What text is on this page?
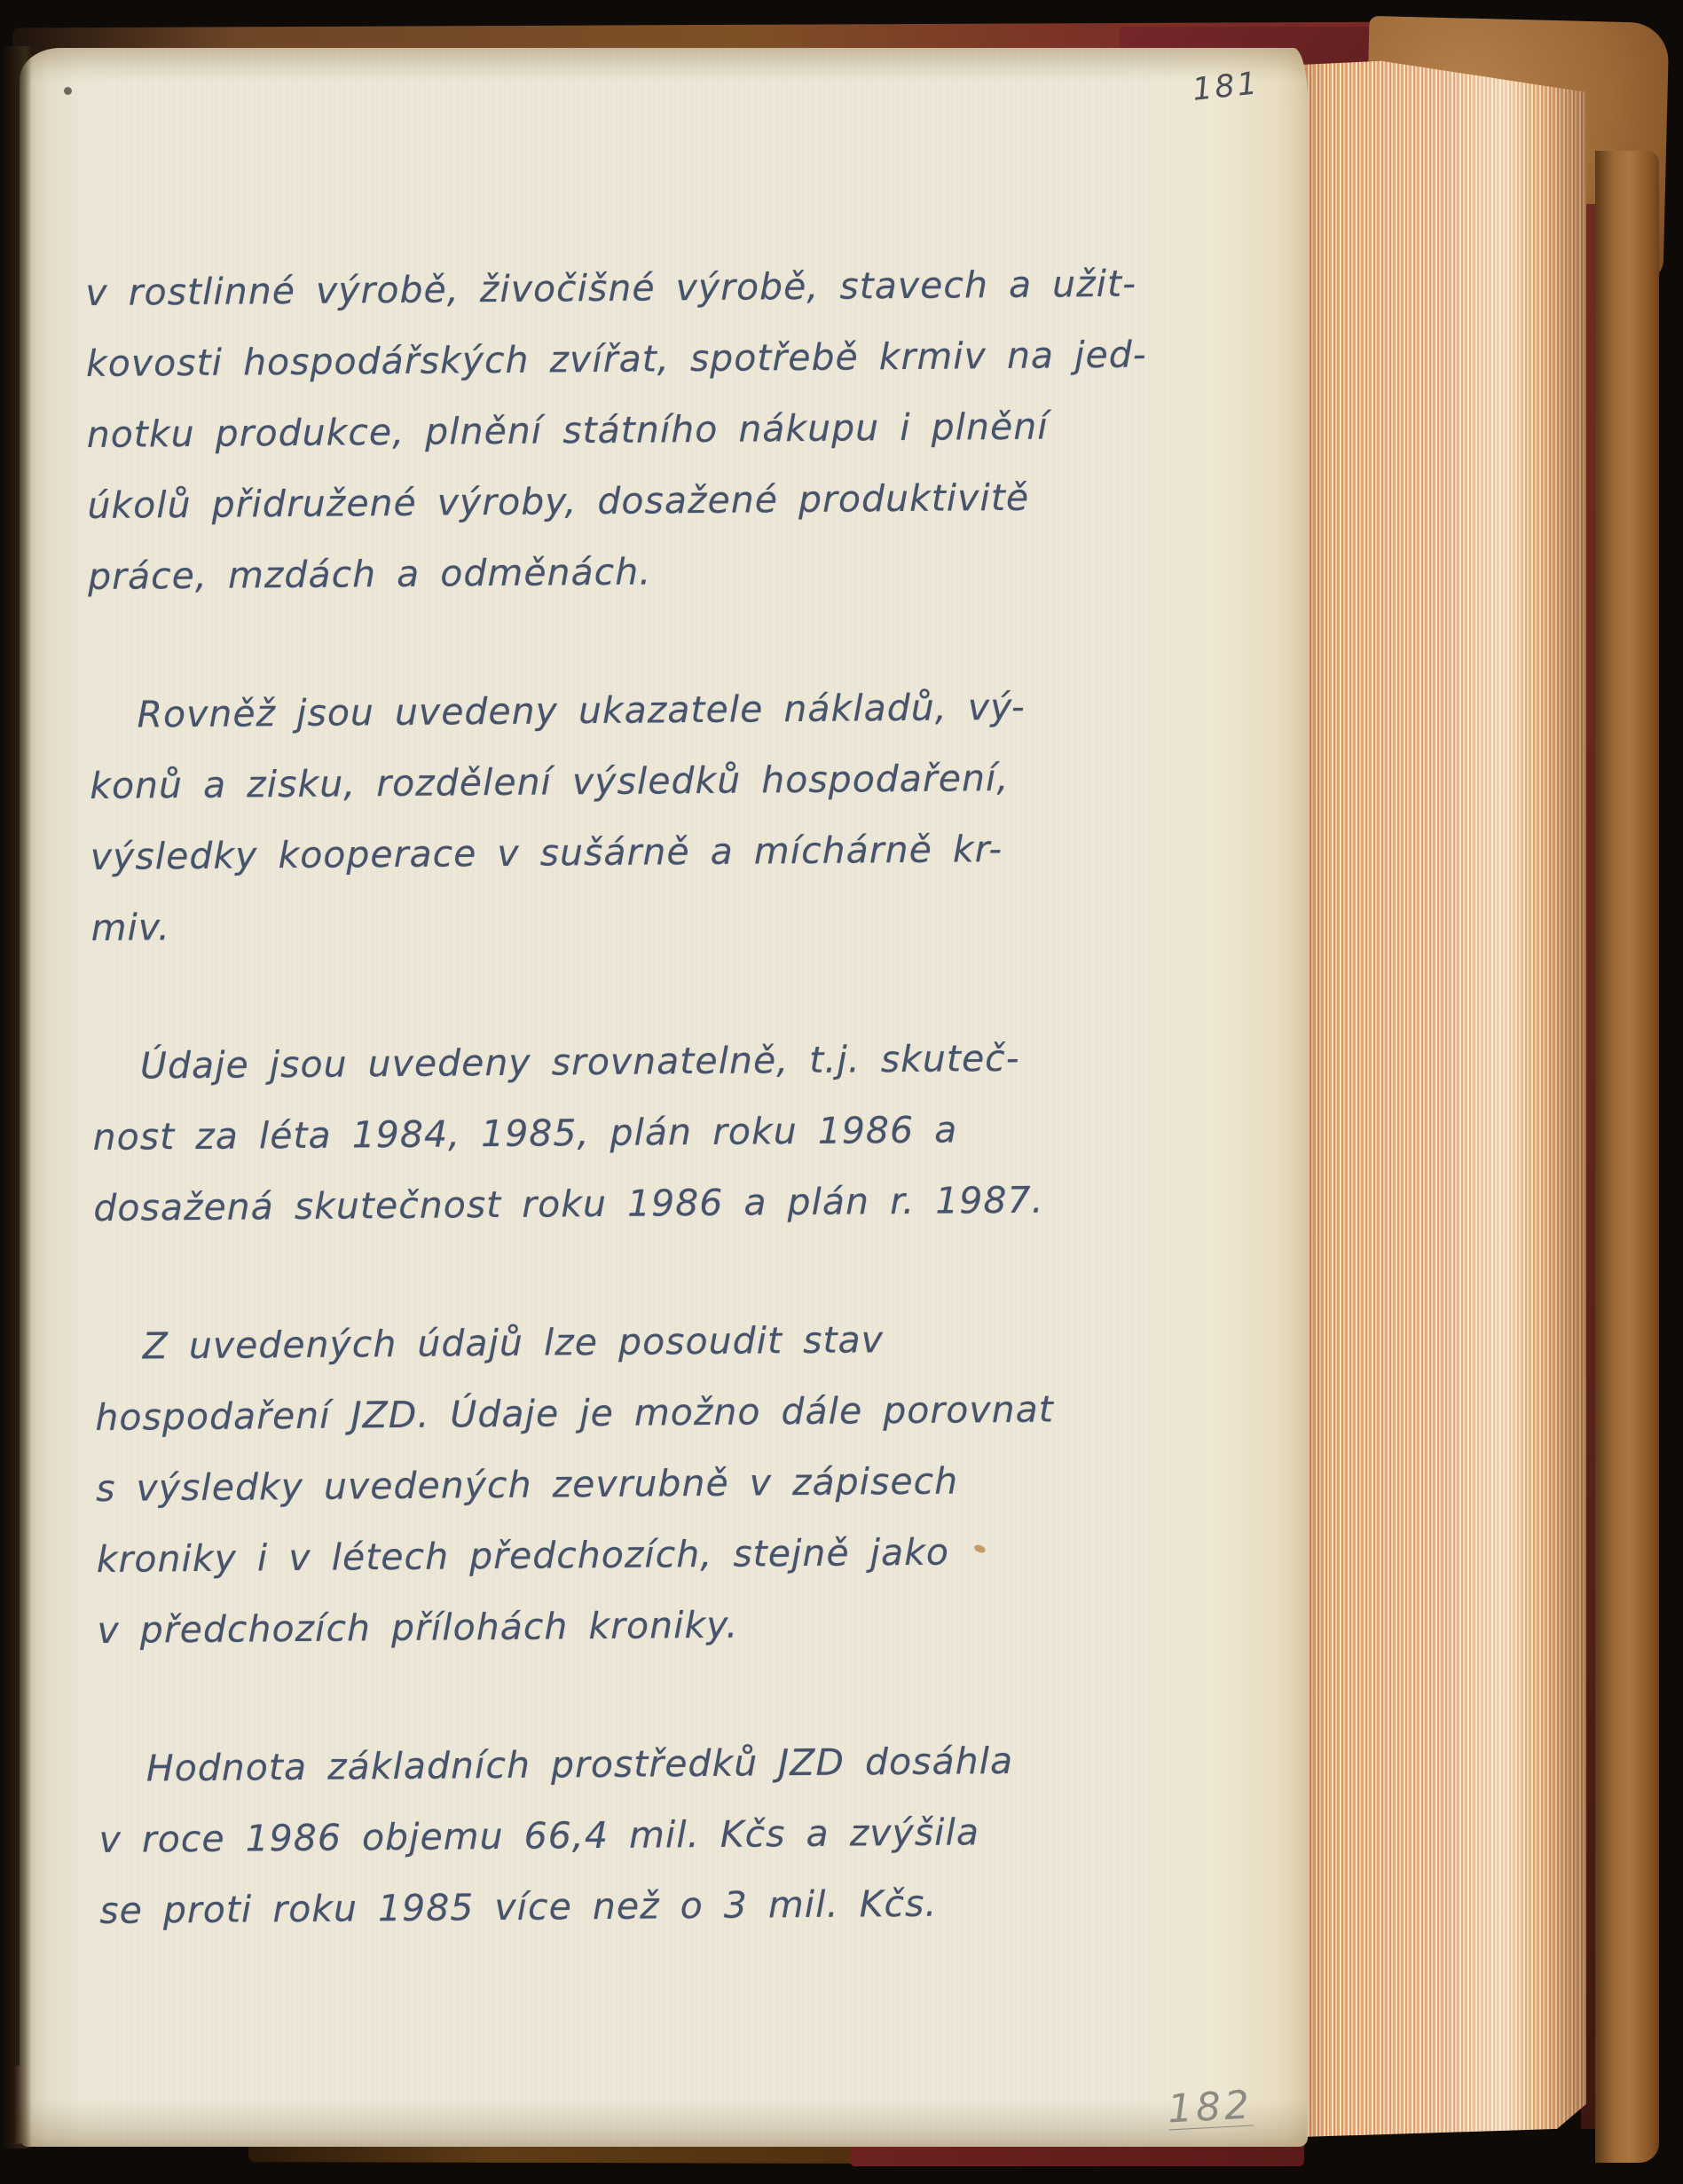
181
v rostlinné výrobě, živočišné výrobě, stavech a užit-
kovosti hospodářských zvířat, spotřebě krmiv na jed-
notku produkce, plnění státního nákupu i plnění
úkolů přidružené výroby, dosažené produktivitě
práce, mzdách a odměnách.
Rovněž jsou uvedeny ukazatele nákladů, vý-
konů a zisku, rozdělení výsledků hospodaření,
výsledky kooperace v sušárně a míchárně kr-
miv.
Údaje jsou uvedeny srovnatelně, t.j. skuteč-
nost za léta 1984, 1985, plán roku 1986 a
dosažená skutečnost roku 1986 a plán r. 1987.
Z uvedených údajů lze posoudit stav
hospodaření JZD. Údaje je možno dále porovnat
s výsledky uvedených zevrubně v zápisech
kroniky i v létech předchozích, stejně jako
v předchozích přílohách kroniky.
Hodnota základních prostředků JZD dosáhla
v roce 1986 objemu 66,4 mil. Kčs a zvýšila
se proti roku 1985 více než o 3 mil. Kčs.
182
